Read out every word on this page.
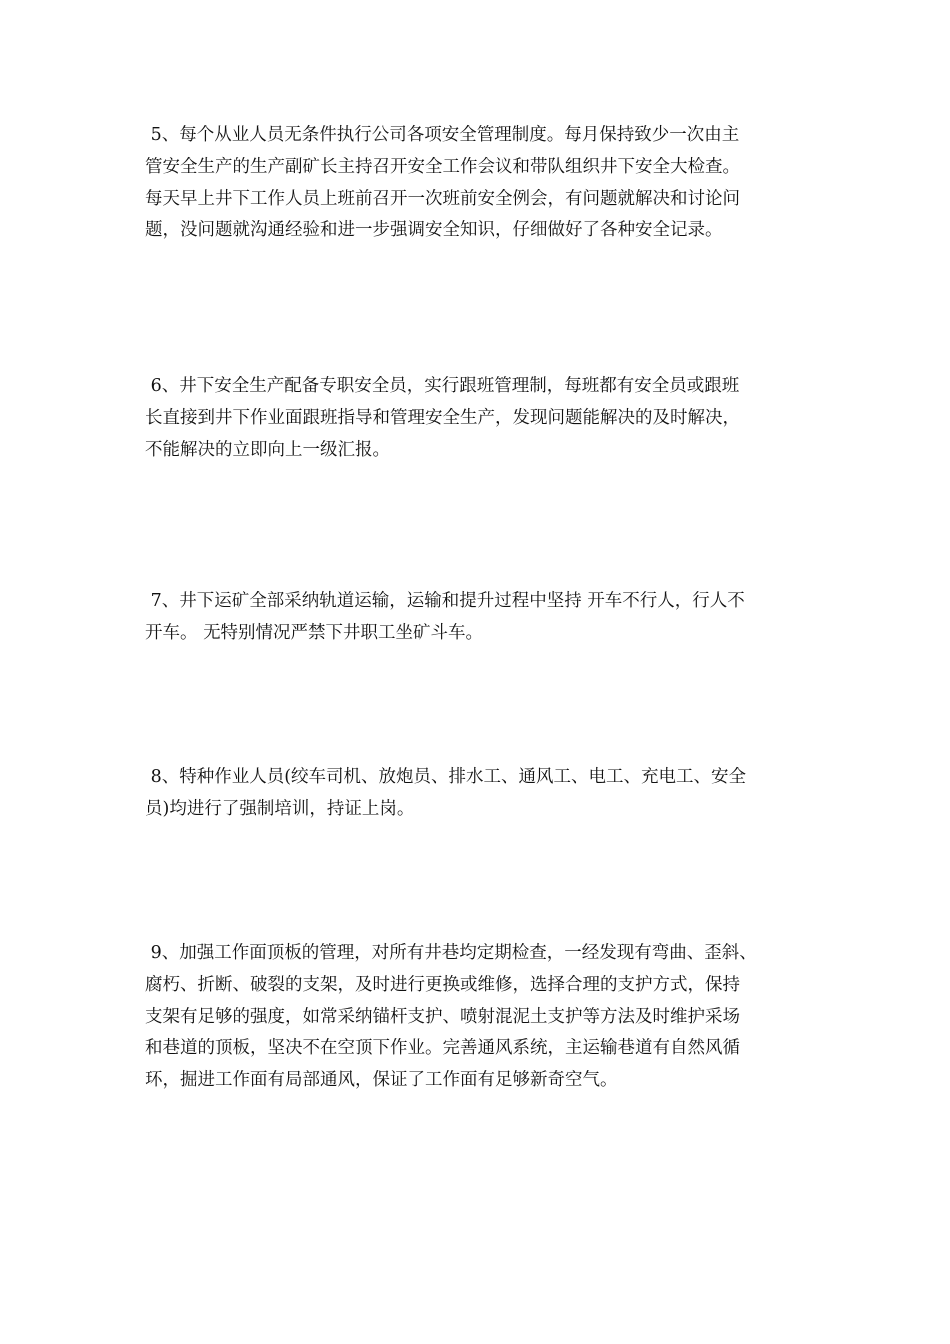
5、每个从业人员无条件执行公司各项安全管理制度。每月保持致少一次由主
管安全生产的生产副矿长主持召开安全工作会议和带队组织井下安全大检查。
每天早上井下工作人员上班前召开一次班前安全例会，有问题就解决和讨论问
题，没问题就沟通经验和进一步强调安全知识，仔细做好了各种安全记录。
6、井下安全生产配备专职安全员，实行跟班管理制，每班都有安全员或跟班
长直接到井下作业面跟班指导和管理安全生产，发现问题能解决的及时解决，
不能解决的立即向上一级汇报。
7、井下运矿全部采纳轨道运输，运输和提升过程中坚持 开车不行人，行人不
开车。 无特别情况严禁下井职工坐矿斗车。
8、特种作业人员(绞车司机、放炮员、排水工、通风工、电工、充电工、安全
员)均进行了强制培训，持证上岗。
9、加强工作面顶板的管理，对所有井巷均定期检查，一经发现有弯曲、歪斜、
腐朽、折断、破裂的支架，及时进行更换或维修，选择合理的支护方式，保持
支架有足够的强度，如常采纳锚杆支护、喷射混泥土支护等方法及时维护采场
和巷道的顶板，坚决不在空顶下作业。完善通风系统，主运输巷道有自然风循
环，掘进工作面有局部通风，保证了工作面有足够新奇空气。
